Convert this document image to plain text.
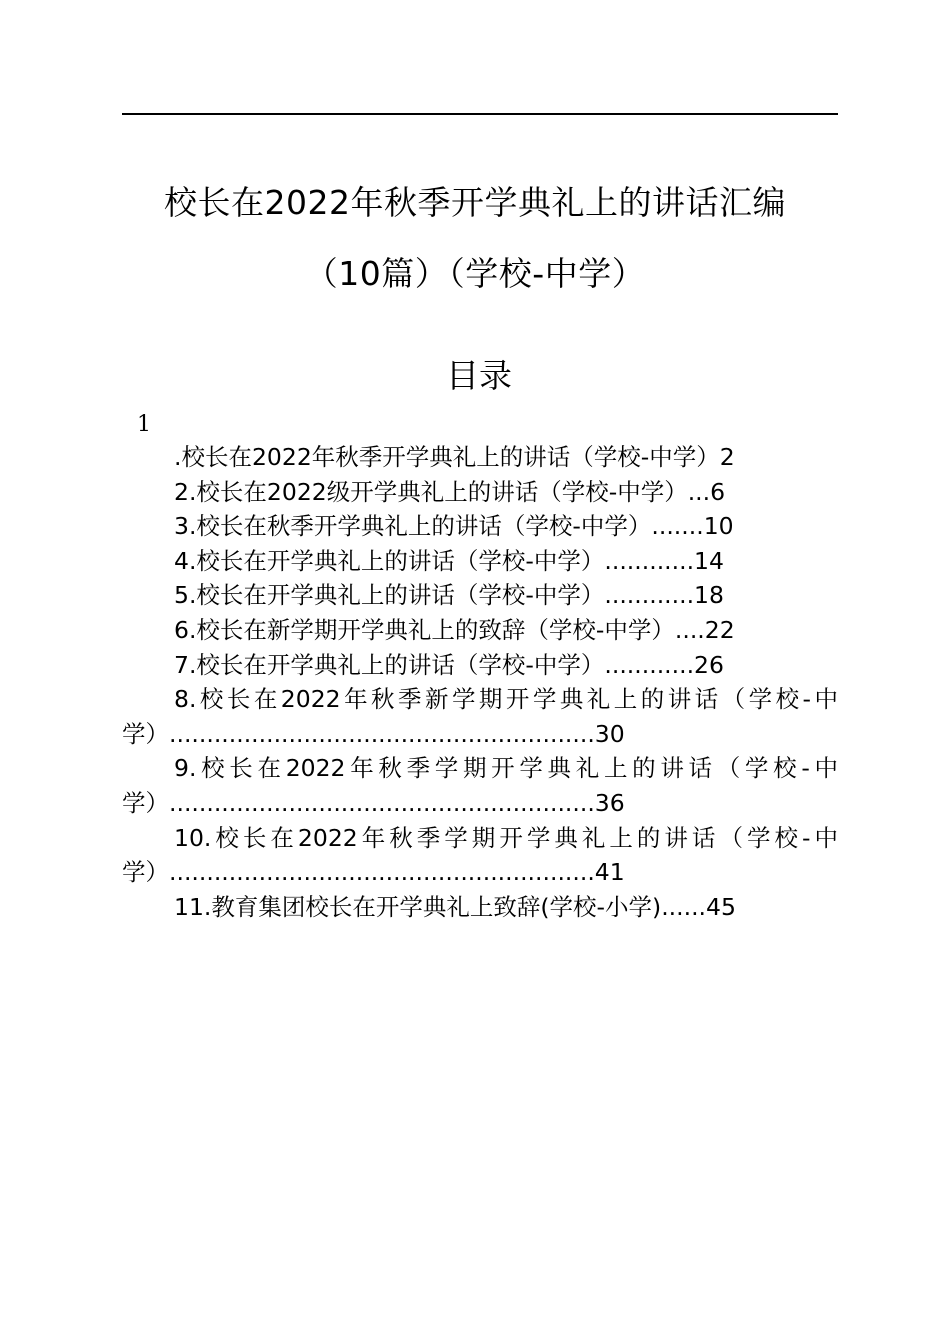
校长在2022年秋季开学典礼上的讲话汇编
（10篇）（学校-中学）
目录
1
.校长在2022年秋季开学典礼上的讲话（学校-中学）2
2.校长在2022级开学典礼上的讲话（学校-中学）...6
3.校长在秋季开学典礼上的讲话（学校-中学）.......10
4.校长在开学典礼上的讲话（学校-中学）............14
5.校长在开学典礼上的讲话（学校-中学）............18
6.校长在新学期开学典礼上的致辞（学校-中学）....22
7.校长在开学典礼上的讲话（学校-中学）............26
8.校长在2022年秋季新学期开学典礼上的讲话（学校-中学）.........................................................30
9.校长在2022年秋季学期开学典礼上的讲话（学校-中学）.........................................................36
10.校长在2022年秋季学期开学典礼上的讲话（学校-中学）.........................................................41
11.教育集团校长在开学典礼上致辞(学校-小学)......45
